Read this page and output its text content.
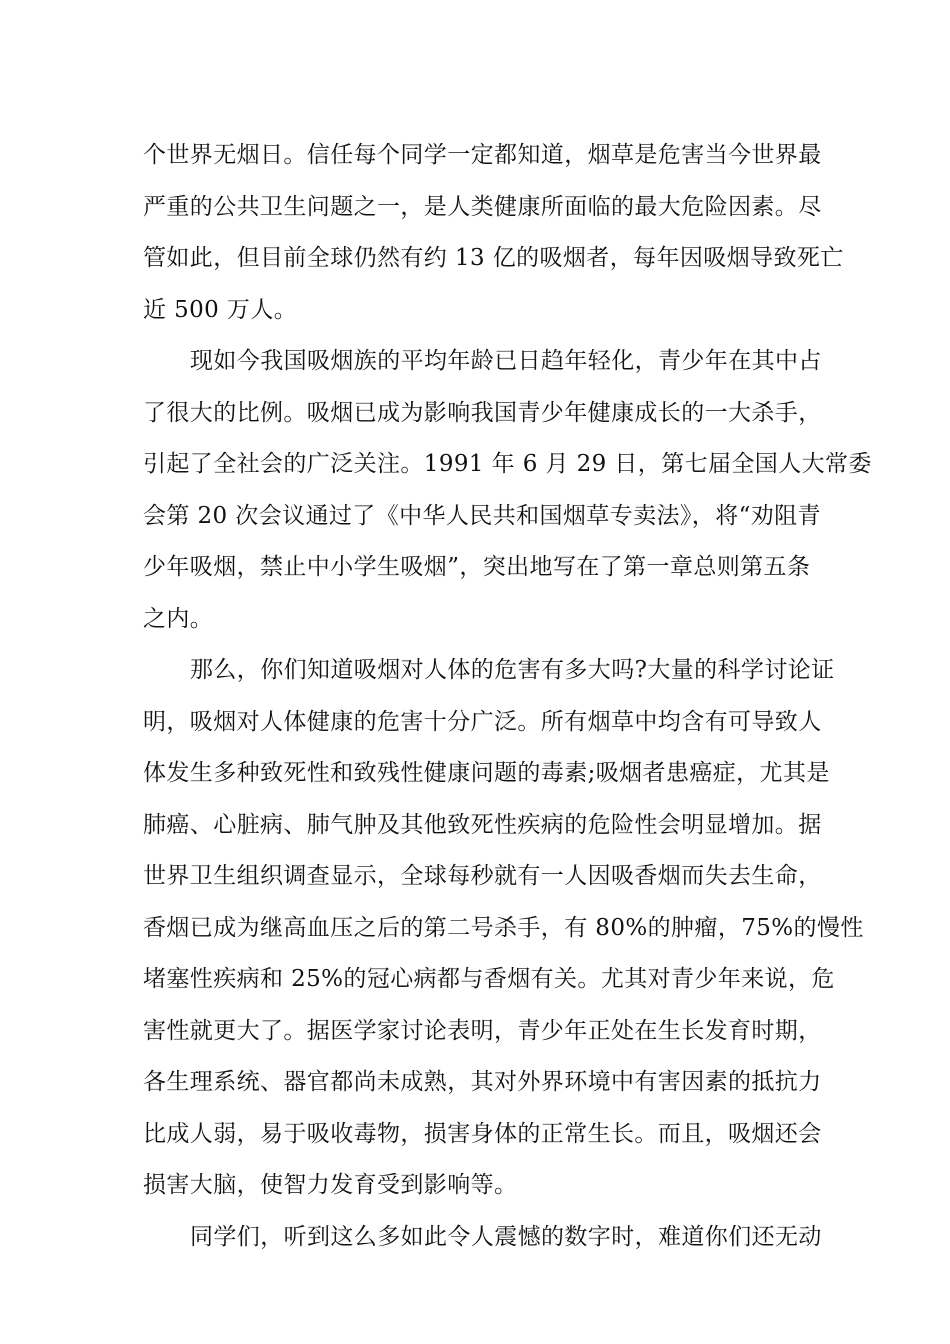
个世界无烟日。信任每个同学一定都知道，烟草是危害当今世界最
严重的公共卫生问题之一，是人类健康所面临的最大危险因素。尽
管如此，但目前全球仍然有约 13 亿的吸烟者，每年因吸烟导致死亡
近 500 万人。
现如今我国吸烟族的平均年龄已日趋年轻化，青少年在其中占
了很大的比例。吸烟已成为影响我国青少年健康成长的一大杀手，
引起了全社会的广泛关注。1991 年 6 月 29 日，第七届全国人大常委
会第 20 次会议通过了《中华人民共和国烟草专卖法》，将“劝阻青
少年吸烟，禁止中小学生吸烟”，突出地写在了第一章总则第五条
之内。
那么，你们知道吸烟对人体的危害有多大吗?大量的科学讨论证
明，吸烟对人体健康的危害十分广泛。所有烟草中均含有可导致人
体发生多种致死性和致残性健康问题的毒素;吸烟者患癌症，尤其是
肺癌、心脏病、肺气肿及其他致死性疾病的危险性会明显增加。据
世界卫生组织调查显示，全球每秒就有一人因吸香烟而失去生命，
香烟已成为继高血压之后的第二号杀手，有 80%的肿瘤，75%的慢性
堵塞性疾病和 25%的冠心病都与香烟有关。尤其对青少年来说，危
害性就更大了。据医学家讨论表明，青少年正处在生长发育时期，
各生理系统、器官都尚未成熟，其对外界环境中有害因素的抵抗力
比成人弱，易于吸收毒物，损害身体的正常生长。而且，吸烟还会
损害大脑，使智力发育受到影响等。
同学们，听到这么多如此令人震憾的数字时，难道你们还无动
